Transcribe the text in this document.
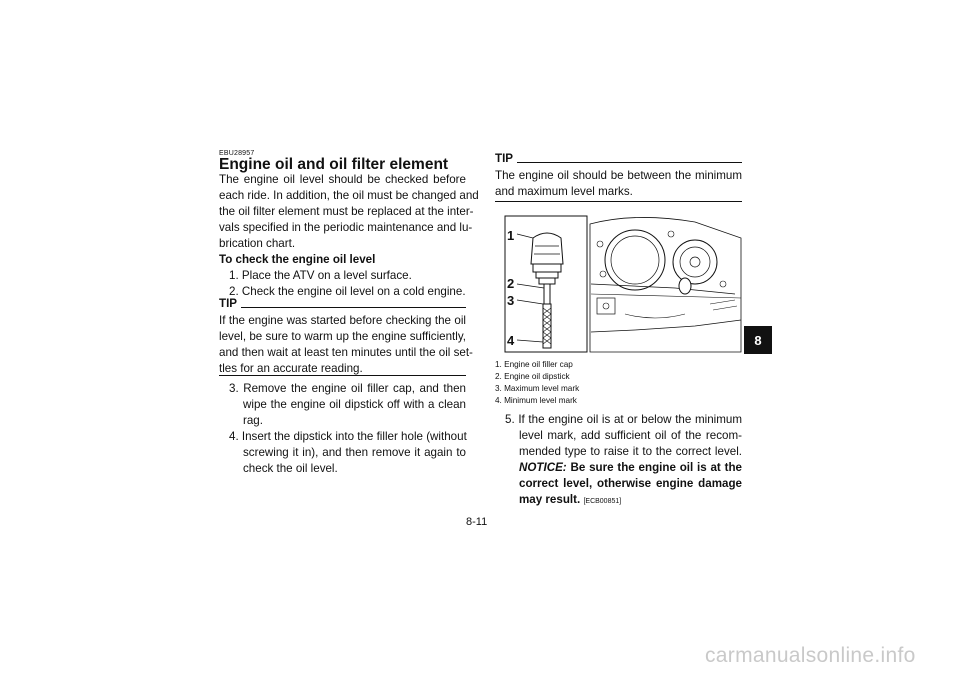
EBU28957
Engine oil and oil filter element
The engine oil level should be checked before
each ride. In addition, the oil must be changed and
the oil filter element must be replaced at the inter-
vals specified in the periodic maintenance and lu-
brication chart.
To check the engine oil level
1. Place the ATV on a level surface.
2. Check the engine oil level on a cold engine.
TIP
If the engine was started before checking the oil
level, be sure to warm up the engine sufficiently,
and then wait at least ten minutes until the oil set-
tles for an accurate reading.
3. Remove the engine oil filler cap, and then
wipe the engine oil dipstick off with a clean
rag.
4. Insert the dipstick into the filler hole (without
screwing it in), and then remove it again to
check the oil level.
TIP
The engine oil should be between the minimum
and maximum level marks.
1
2
3
4
1. Engine oil filler cap
2. Engine oil dipstick
3. Maximum level mark
4. Minimum level mark
5. If the engine oil is at or below the minimum
level mark, add sufficient oil of the recom-
mended type to raise it to the correct level.
NOTICE: Be sure the engine oil is at the
correct level, otherwise engine damage
may result. [ECB00851]
8
8-11
carmanualsonline.info
